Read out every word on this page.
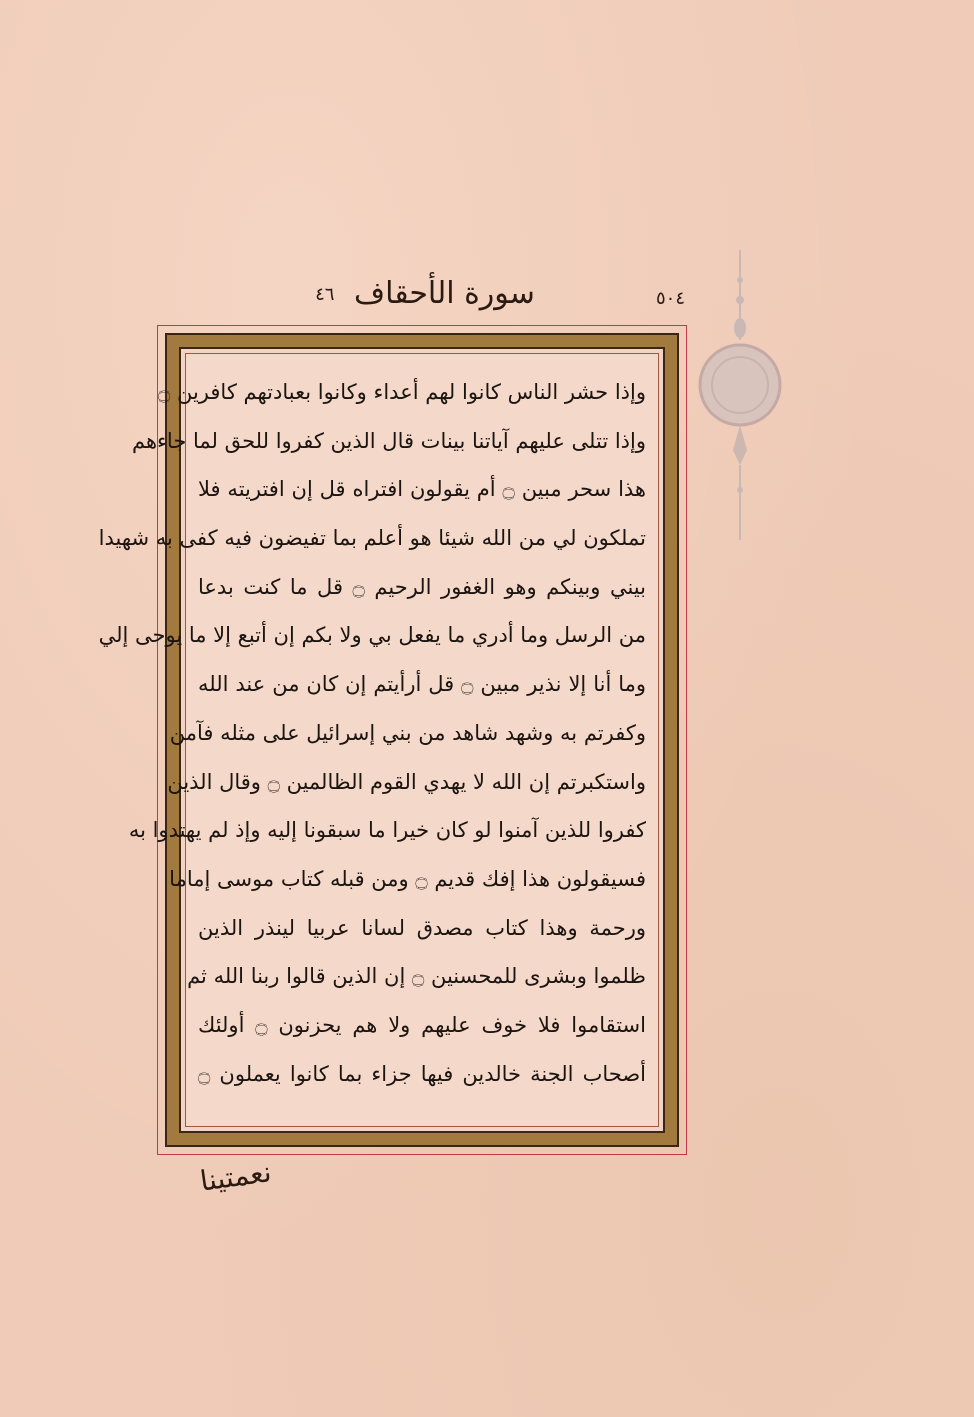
٥٠٤
سورة الأحقاف ٤٦
وإذا حشر الناس كانوا لهم أعداء وكانوا بعبادتهم كافرين ۝
وإذا تتلى عليهم آياتنا بينات قال الذين كفروا للحق لما جاءهم
هذا سحر مبين ۝ أم يقولون افتراه قل إن افتريته فلا
تملكون لي من الله شيئا هو أعلم بما تفيضون فيه كفى به شهيدا
بيني وبينكم وهو الغفور الرحيم ۝ قل ما كنت بدعا
من الرسل وما أدري ما يفعل بي ولا بكم إن أتبع إلا ما يوحى إلي
وما أنا إلا نذير مبين ۝ قل أرأيتم إن كان من عند الله
وكفرتم به وشهد شاهد من بني إسرائيل على مثله فآمن
واستكبرتم إن الله لا يهدي القوم الظالمين ۝ وقال الذين
كفروا للذين آمنوا لو كان خيرا ما سبقونا إليه وإذ لم يهتدوا به
فسيقولون هذا إفك قديم ۝ ومن قبله كتاب موسى إماما
ورحمة وهذا كتاب مصدق لسانا عربيا لينذر الذين
ظلموا وبشرى للمحسنين ۝ إن الذين قالوا ربنا الله ثم
استقاموا فلا خوف عليهم ولا هم يحزنون ۝ أولئك
أصحاب الجنة خالدين فيها جزاء بما كانوا يعملون ۝
نعمتينا
